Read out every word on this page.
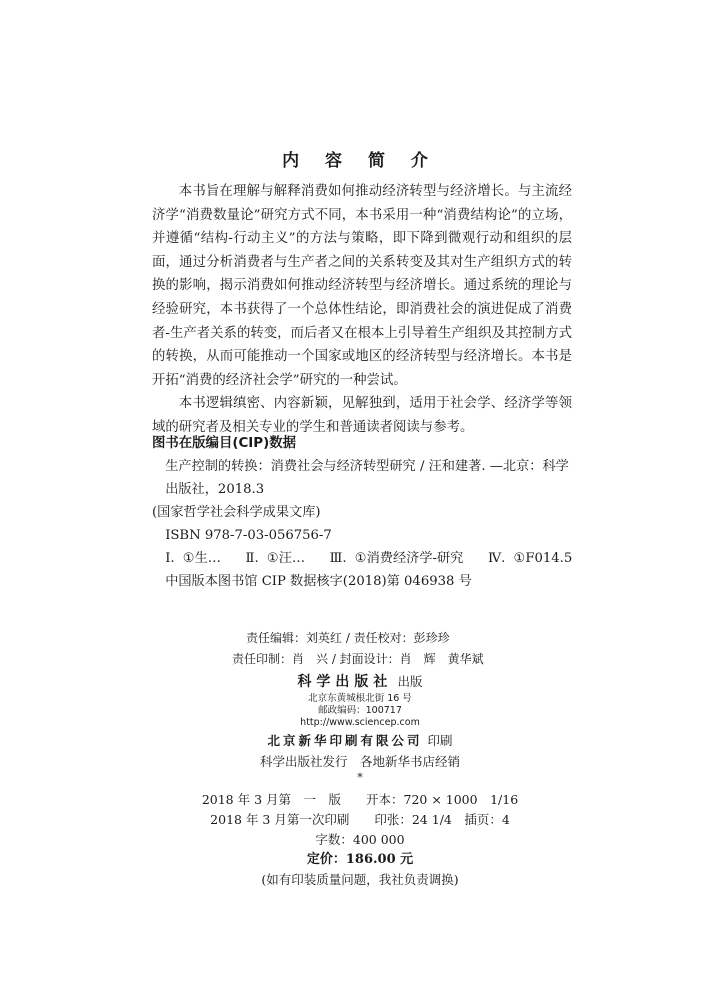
内 容 简 介

本书旨在理解与解释消费如何推动经济转型与经济增长。与主流经济学“消费数量论”研究方式不同，本书采用一种“消费结构论”的立场，并遵循“结构-行动主义”的方法与策略，即下降到微观行动和组织的层面，通过分析消费者与生产者之间的关系转变及其对生产组织方式的转换的影响，揭示消费如何推动经济转型与经济增长。通过系统的理论与经验研究，本书获得了一个总体性结论，即消费社会的演进促成了消费者-生产者关系的转变，而后者又在根本上引导着生产组织及其控制方式的转换，从而可能推动一个国家或地区的经济转型与经济增长。本书是开拓“消费的经济社会学”研究的一种尝试。

本书逻辑缜密、内容新颖，见解独到，适用于社会学、经济学等领域的研究者及相关专业的学生和普通读者阅读与参考。

图书在版编目(CIP)数据
生产控制的转换：消费社会与经济转型研究 / 汪和建著. —北京：科学出版社，2018.3
(国家哲学社会科学成果文库)
ISBN 978-7-03-056756-7
Ⅰ. ①生…   Ⅱ. ①汪…   Ⅲ. ①消费经济学-研究   Ⅳ. ①F014.5
中国版本图书馆 CIP 数据核字(2018)第 046938 号
责任编辑：刘英红 / 责任校对：彭珍珍
责任印制：肖　兴 / 封面设计：肖　辉　黄华斌
科学出版社 出版
北京东黄城根北街 16 号
邮政编码：100717
http://www.sciencep.com
北京新华印刷有限公司 印刷
科学出版社发行　各地新华书店经销
*
2018 年 3 月第　一　版　　开本：720 × 1000　1/16
2018 年 3 月第一次印刷　　印张：24 1/4　插页：4
字数：400 000
定价：186.00 元
(如有印装质量问题，我社负责调换)
